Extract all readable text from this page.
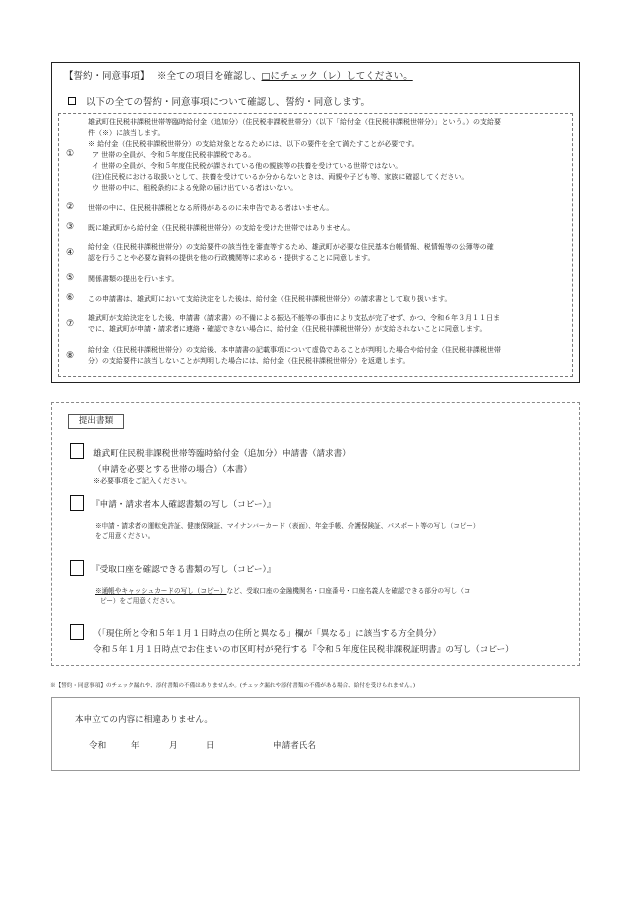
【誓約・同意事項】 ※全ての項目を確認し、□にチェック（レ）してください。
以下の全ての誓約・同意事項について確認し、誓約・同意します。
①
雄武町住民税非課税世帯等臨時給付金（追加分）（住民税非課税世帯分）（以下「給付金（住民税非課税世帯分）」という。）の支給要
件（※）に該当します。
※ 給付金（住民税非課税世帯分）の支給対象となるためには、以下の要件を全て満たすことが必要です。
ア 世帯の全員が、令和５年度住民税非課税である。
イ 世帯の全員が、令和５年度住民税が課されている他の親族等の扶養を受けている世帯ではない。
(注)住民税における取扱いとして、扶養を受けているか分からないときは、両親や子ども等、家族に確認してください。
ウ 世帯の中に、租税条約による免除の届け出ている者はいない。
② 世帯の中に、住民税非課税となる所得があるのに未申告である者はいません。
③ 既に雄武町から給付金（住民税非課税世帯分）の支給を受けた世帯ではありません。
④
給付金（住民税非課税世帯分）の支給要件の該当性を審査等するため、雄武町が必要な住民基本台帳情報、税情報等の公簿等の確
認を行うことや必要な資料の提供を他の行政機関等に求める・提供することに同意します。
⑤ 関係書類の提出を行います。
⑥ この申請書は、雄武町において支給決定をした後は、給付金（住民税非課税世帯分）の請求書として取り扱います。
⑦
雄武町が支給決定をした後、申請書（請求書）の不備による振込不能等の事由により支払が完了せず、かつ、令和６年３月１１日ま
でに、雄武町が申請・請求者に連絡・確認できない場合に、給付金（住民税非課税世帯分）が支給されないことに同意します。
⑧
給付金（住民税非課税世帯分）の支給後、本申請書の記載事項について虚偽であることが判明した場合や給付金（住民税非課税世帯
分）の支給要件に該当しないことが判明した場合には、給付金（住民税非課税世帯分）を返還します。
提出書類
雄武町住民税非課税世帯等臨時給付金（追加分）申請書（請求書）
（申請を必要とする世帯の場合）（本書）
※必要事項をご記入ください。
『申請・請求者本人確認書類の写し（コピー）』
※申請・請求者の運転免許証、健康保険証、マイナンバーカード（表面）、年金手帳、介護保険証、パスポート等の写し（コピー）
をご用意ください。
『受取口座を確認できる書類の写し（コピー）』
※通帳やキャッシュカードの写し（コピー）など、受取口座の金融機関名・口座番号・口座名義人を確認できる部分の写し（コ
ピー）をご用意ください。
（「現住所と令和５年１月１日時点の住所と異なる」欄が「異なる」に該当する方全員分）
令和５年１月１日時点でお住まいの市区町村が発行する『令和５年度住民税非課税証明書』の写し（コピー）
※【誓約・同意事項】のチェック漏れや、添付書類の不備はありませんか。(チェック漏れや添付書類の不備がある場合、給付を受けられません。)
本申立ての内容に相違ありません。
令和	年	月	日	申請者氏名
